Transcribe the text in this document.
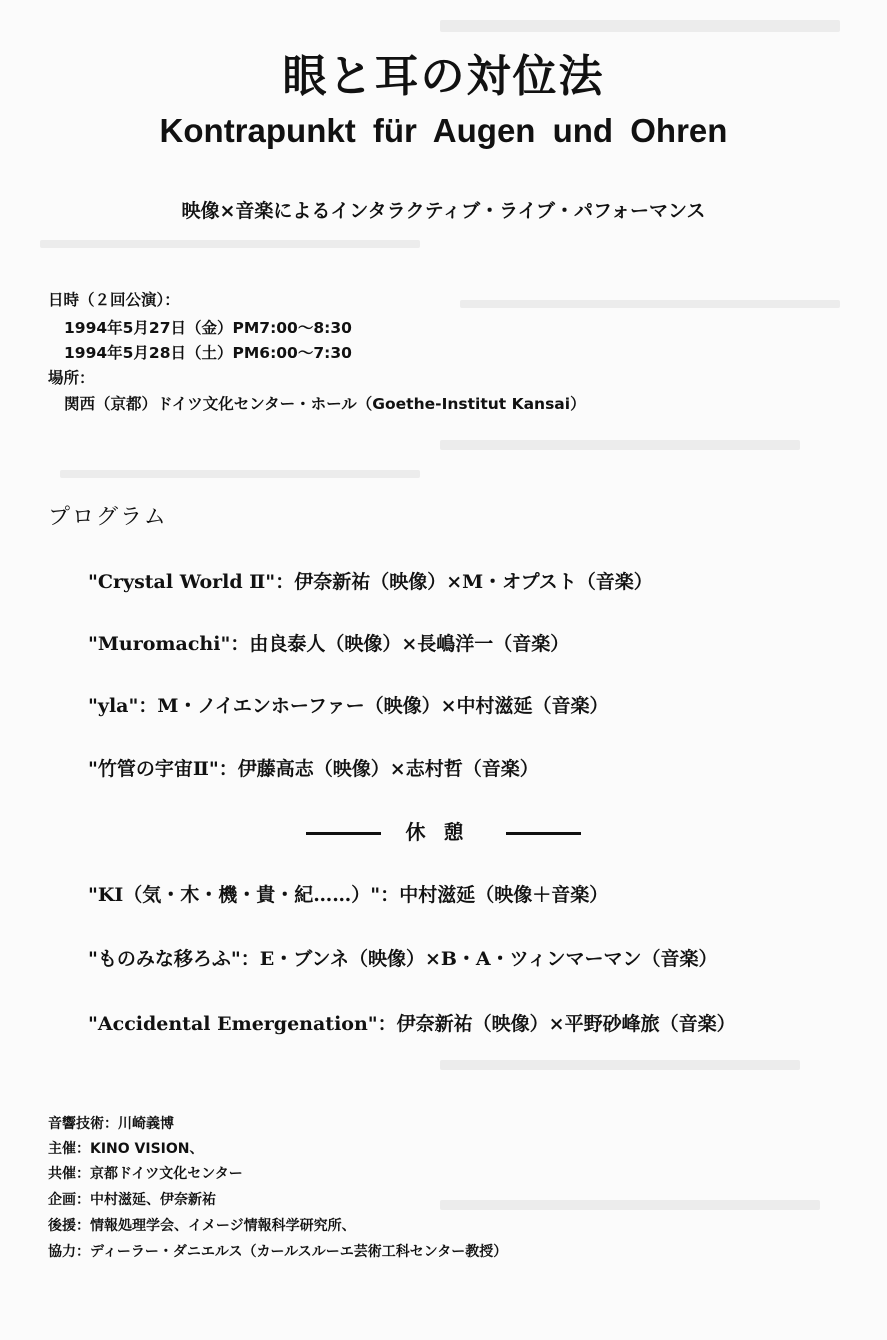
眼と耳の対位法
Kontrapunkt für Augen und Ohren
映像×音楽によるインタラクティブ・ライブ・パフォーマンス
日時（２回公演）：
1994年5月27日（金）PM7:00～8:30
1994年5月28日（土）PM6:00～7:30
場所：
関西（京都）ドイツ文化センター・ホール（Goethe-Institut Kansai）
プログラム
"Crystal World Ⅱ"：伊奈新祐（映像）×M・オプスト（音楽）
"Muromachi"：由良泰人（映像）×長嶋洋一（音楽）
"yla"：M・ノイエンホーファー（映像）×中村滋延（音楽）
"竹管の宇宙Ⅱ"：伊藤高志（映像）×志村哲（音楽）
休憩
"KI（気・木・機・貴・紀……）"：中村滋延（映像＋音楽）
"ものみな移ろふ"：E・ブンネ（映像）×B・A・ツィンマーマン（音楽）
"Accidental Emergenation"：伊奈新祐（映像）×平野砂峰旅（音楽）
音響技術：川崎義博
主催：KINO VISION、
共催：京都ドイツ文化センター
企画：中村滋延、伊奈新祐
後援：情報処理学会、イメージ情報科学研究所、
協力：ディーラー・ダニエルス（カールスルーエ芸術工科センター教授）
